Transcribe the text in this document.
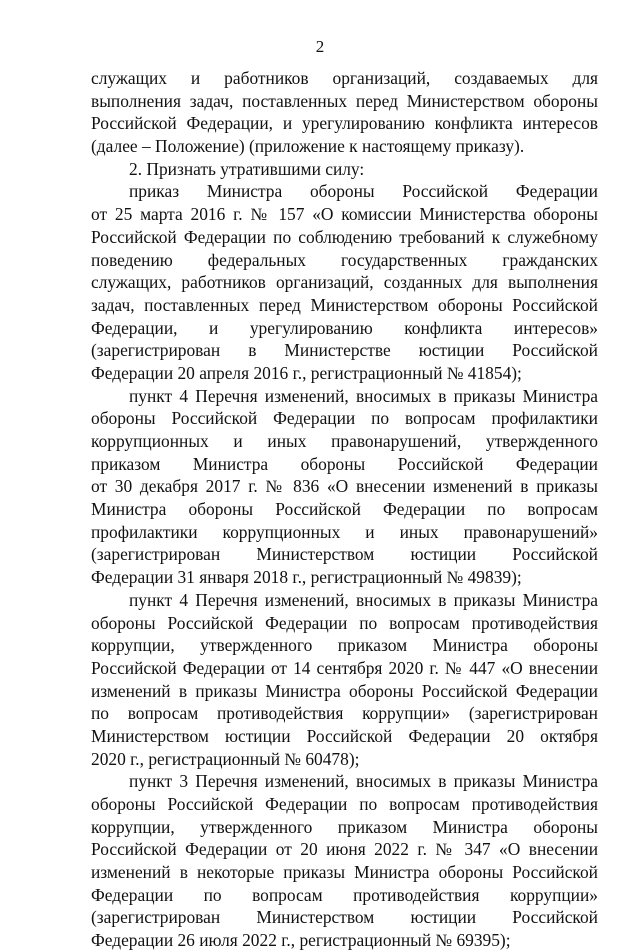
2
служащих и работников организаций, создаваемых для
выполнения задач, поставленных перед Министерством обороны
Российской Федерации, и урегулированию конфликта интересов
(далее – Положение) (приложение к настоящему приказу).
2. Признать утратившими силу:
приказ Министра обороны Российской Федерации
от 25 марта 2016 г. № 157 «О комиссии Министерства обороны
Российской Федерации по соблюдению требований к служебному
поведению федеральных государственных гражданских
служащих, работников организаций, созданных для выполнения
задач, поставленных перед Министерством обороны Российской
Федерации, и урегулированию конфликта интересов»
(зарегистрирован в Министерстве юстиции Российской
Федерации 20 апреля 2016 г., регистрационный № 41854);
пункт 4 Перечня изменений, вносимых в приказы Министра
обороны Российской Федерации по вопросам профилактики
коррупционных и иных правонарушений, утвержденного
приказом Министра обороны Российской Федерации
от 30 декабря 2017 г. № 836 «О внесении изменений в приказы
Министра обороны Российской Федерации по вопросам
профилактики коррупционных и иных правонарушений»
(зарегистрирован Министерством юстиции Российской
Федерации 31 января 2018 г., регистрационный № 49839);
пункт 4 Перечня изменений, вносимых в приказы Министра
обороны Российской Федерации по вопросам противодействия
коррупции, утвержденного приказом Министра обороны
Российской Федерации от 14 сентября 2020 г. № 447 «О внесении
изменений в приказы Министра обороны Российской Федерации
по вопросам противодействия коррупции» (зарегистрирован
Министерством юстиции Российской Федерации 20 октября
2020 г., регистрационный № 60478);
пункт 3 Перечня изменений, вносимых в приказы Министра
обороны Российской Федерации по вопросам противодействия
коррупции, утвержденного приказом Министра обороны
Российской Федерации от 20 июня 2022 г. № 347 «О внесении
изменений в некоторые приказы Министра обороны Российской
Федерации по вопросам противодействия коррупции»
(зарегистрирован Министерством юстиции Российской
Федерации 26 июля 2022 г., регистрационный № 69395);
